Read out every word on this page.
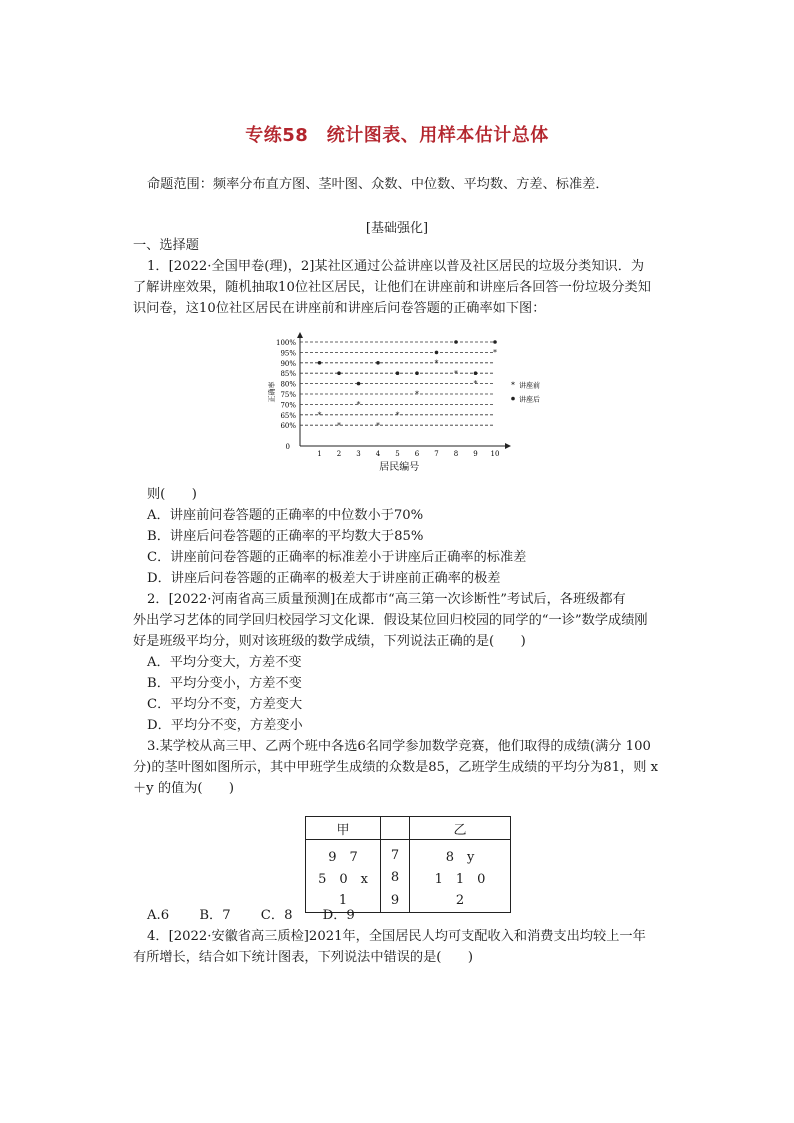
专练58　统计图表、用样本估计总体
命题范围：频率分布直方图、茎叶图、众数、中位数、平均数、方差、标准差．
[基础强化]
一、选择题
1．[2022·全国甲卷(理)，2]某社区通过公益讲座以普及社区居民的垃圾分类知识．为
了解讲座效果，随机抽取10位社区居民，让他们在讲座前和讲座后各回答一份垃圾分类知
识问卷，这10位社区居民在讲座前和讲座后问卷答题的正确率如下图：
100%
95%
90%
85%
80%
75%
70%
65%
60%
0
1 2 3 4 5 6 7 8 9 10
居民编号
正确率
*
*
*
*
*
*
*
*
*
*
* 讲座前
讲座后
则(　　)
A．讲座前问卷答题的正确率的中位数小于70%
B．讲座后问卷答题的正确率的平均数大于85%
C．讲座前问卷答题的正确率的标准差小于讲座后正确率的标准差
D．讲座后问卷答题的正确率的极差大于讲座前正确率的极差
2．[2022·河南省高三质量预测]在成都市“高三第一次诊断性”考试后，各班级都有
外出学习艺体的同学回归校园学习文化课．假设某位回归校园的同学的“一诊”数学成绩刚
好是班级平均分，则对该班级的数学成绩，下列说法正确的是(　　)
A．平均分变大，方差不变
B．平均分变小，方差不变
C．平均分不变，方差变大
D．平均分不变，方差变小
3.某学校从高三甲、乙两个班中各选6名同学参加数学竞赛，他们取得的成绩(满分 100
分)的茎叶图如图所示，其中甲班学生成绩的众数是85，乙班学生成绩的平均分为81，则 x
＋y 的值为(　　)
甲		乙
9　7	7	8　y
5　0　x	8	1　1　0
1	9	2
A.6 B．7 C．8 D．9
4．[2022·安徽省高三质检]2021年，全国居民人均可支配收入和消费支出均较上一年
有所增长，结合如下统计图表，下列说法中错误的是(　　)
